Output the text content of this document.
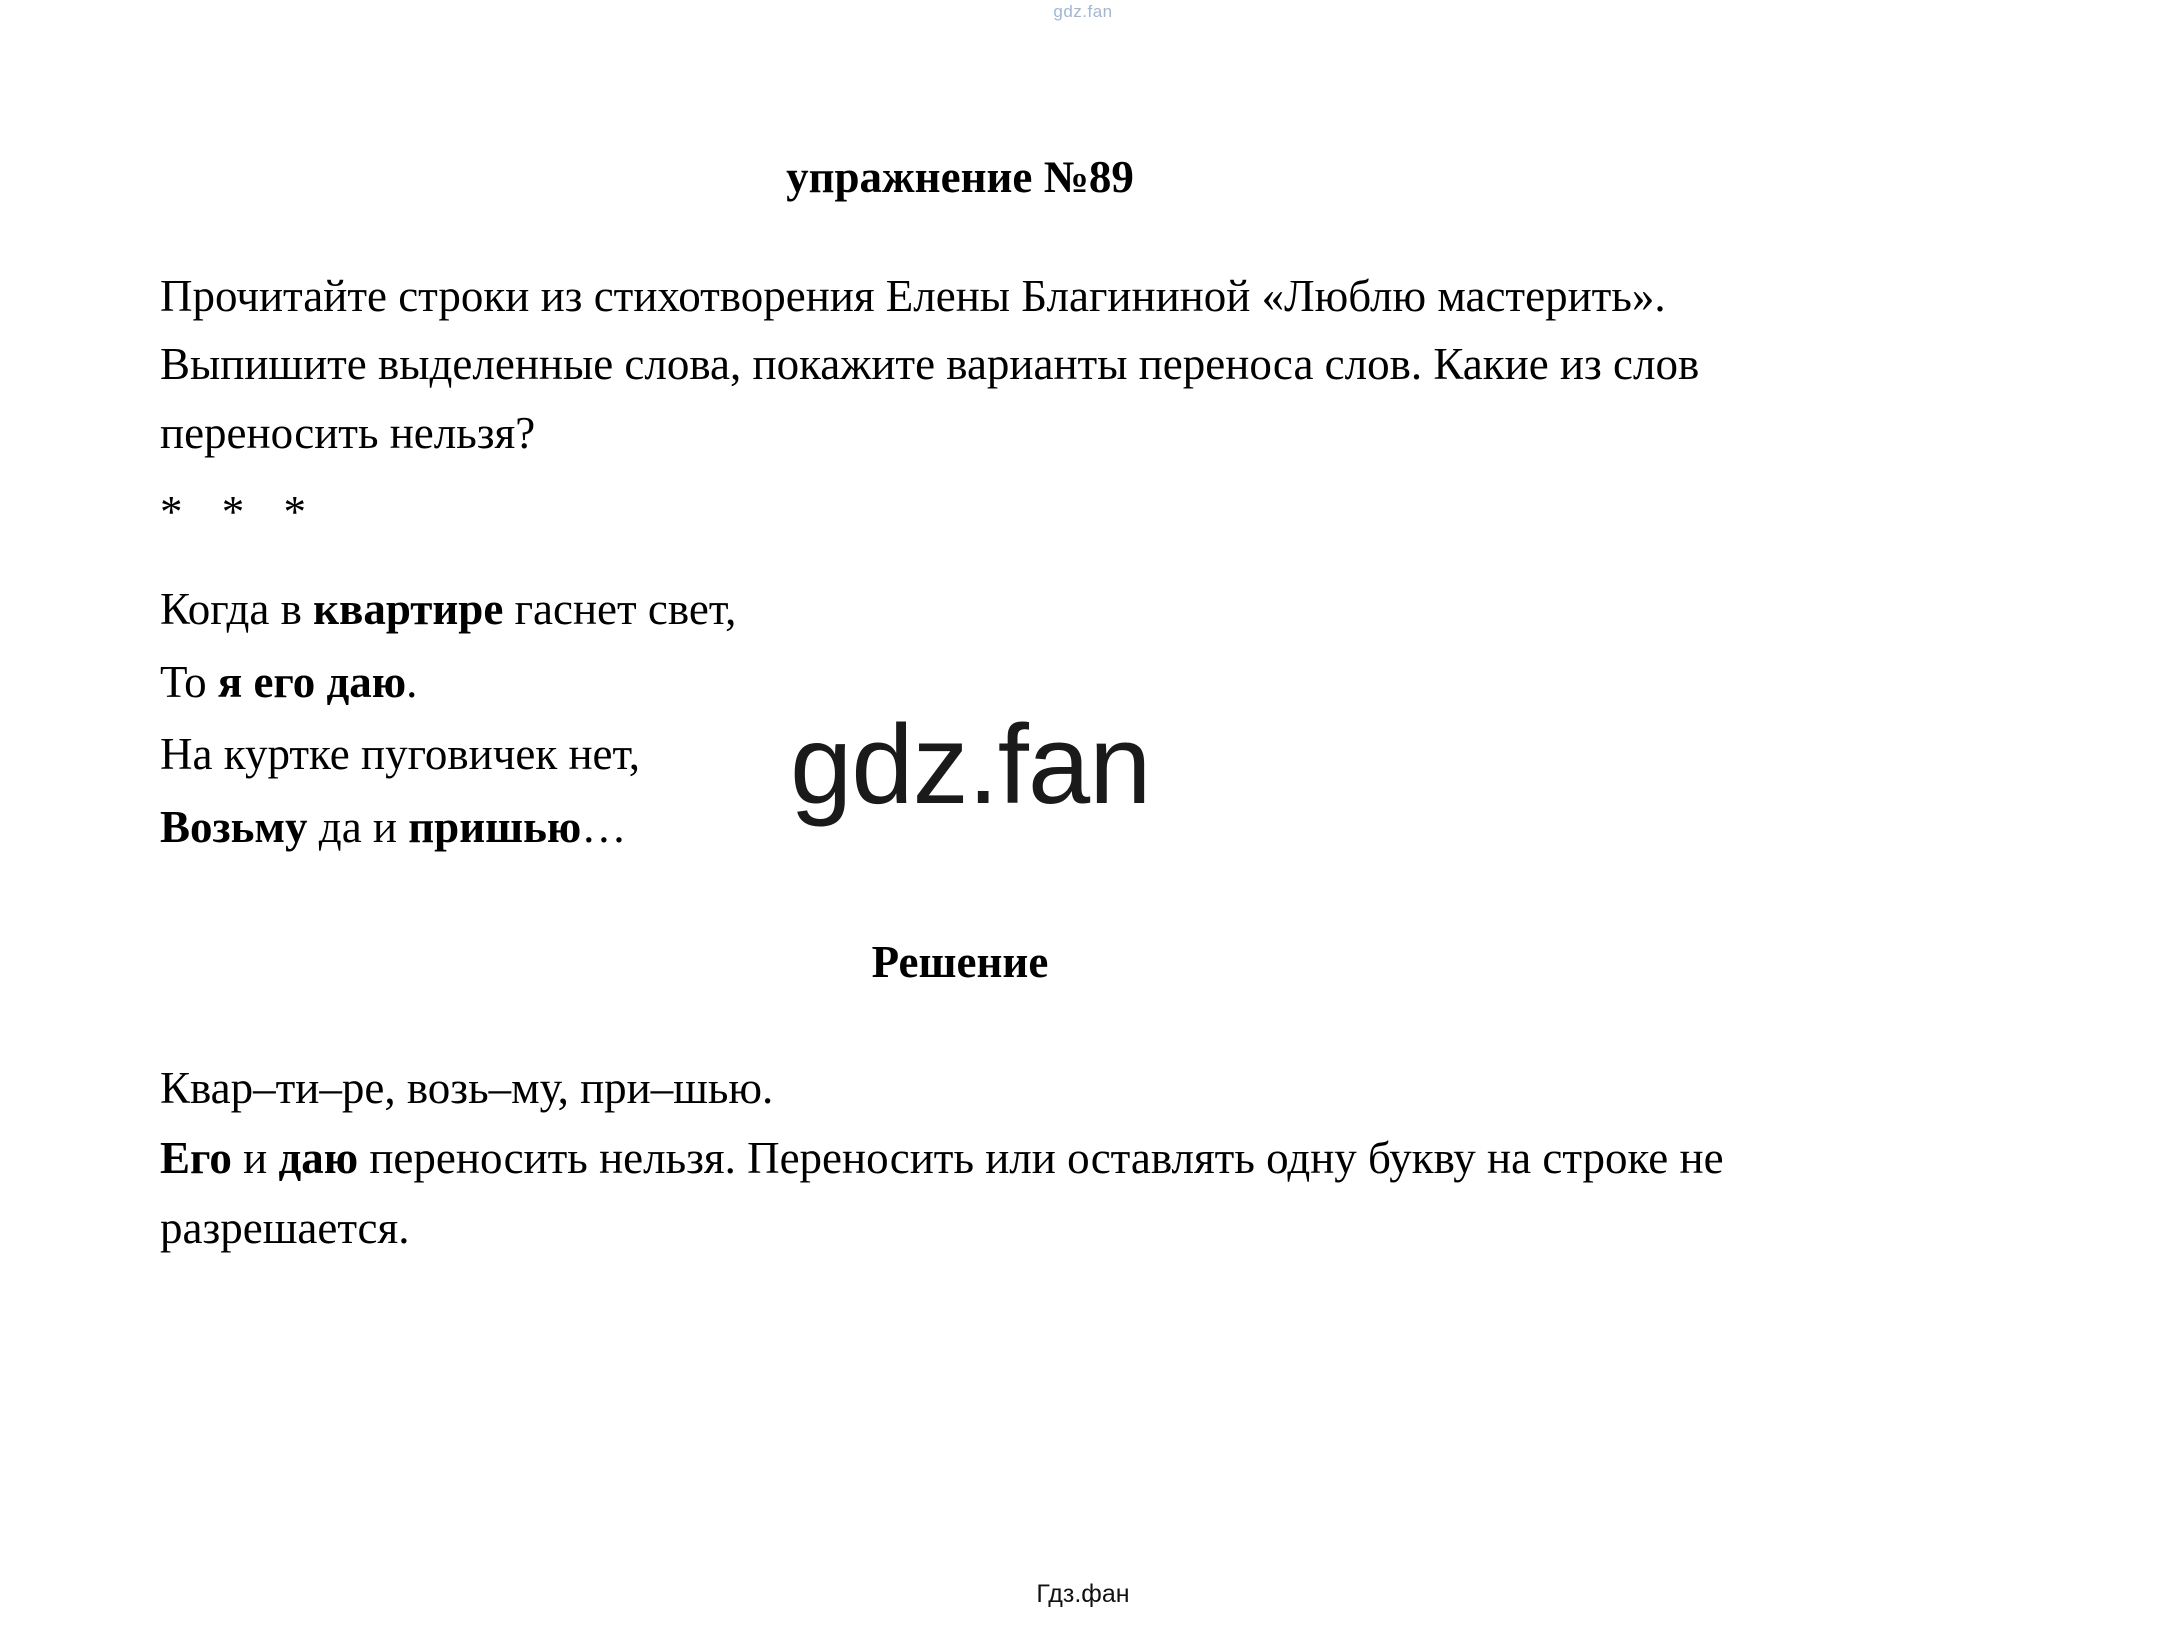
gdz.fan
упражнение №89

Прочитайте строки из стихотворения Елены Благининой «Люблю мастерить». Выпишите выделенные слова, покажите варианты переноса слов. Какие из слов переносить нельзя?

* * *
Когда в квартире гаснет свет,
То я его даю.
На куртке пуговичек нет,
Возьму да и пришью…
Решение
Квар–ти–ре, возь–му, при–шью.
Его и даю переносить нельзя. Переносить или оставлять одну букву на строке не разрешается.
gdz.fan
Гдз.фан
